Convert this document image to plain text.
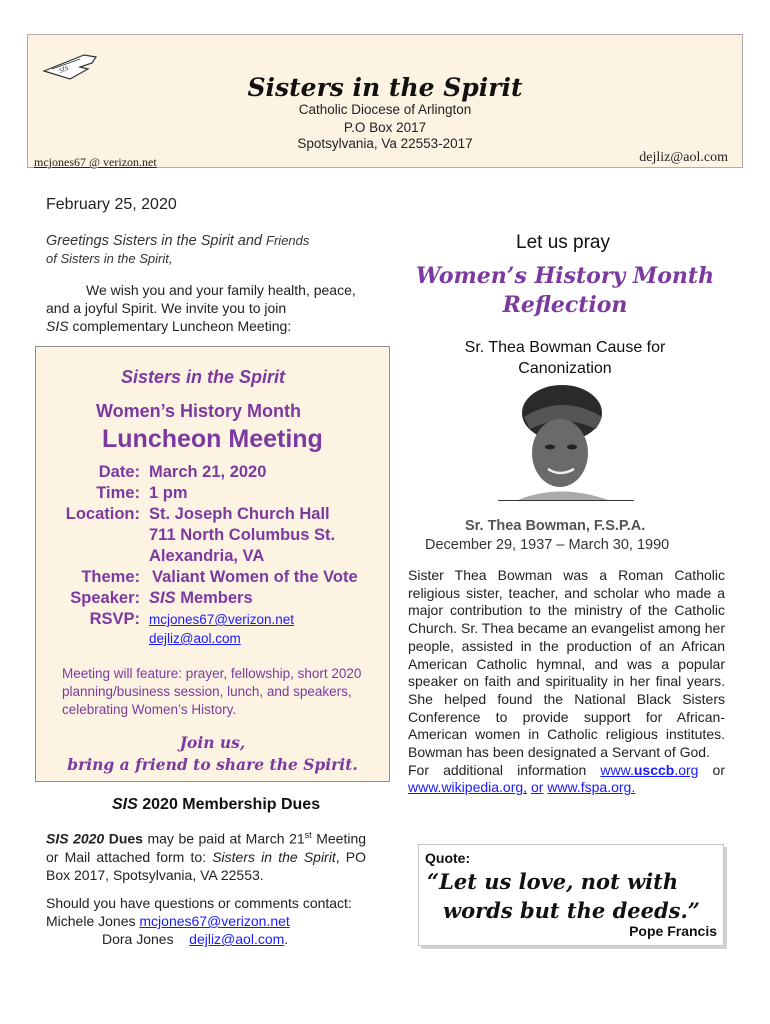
SIS
Sisters in the Spirit
Catholic Diocese of Arlington
P.O Box 2017
Spotsylvania, Va 22553-2017
mcjones67 @ verizon.net	dejliz@aol.com
February 25, 2020
Greetings Sisters in the Spirit and Friends
of Sisters in the Spirit,
We wish you and your family health, peace, and a joyful Spirit. We invite you to join
SIS complementary Luncheon Meeting:
Sisters in the Spirit
Women’s History Month
Luncheon Meeting
Date: March 21, 2020
Time: 1 pm
Location: St. Joseph Church Hall
711 North Columbus St.
Alexandria, VA
Theme: Valiant Women of the Vote
Speaker: SIS Members
RSVP: mcjones67@verizon.net
dejliz@aol.com
Meeting will feature: prayer, fellowship, short 2020 planning/business session, lunch, and speakers, celebrating Women’s History.
Join us,
bring a friend to share the Spirit.
SIS 2020 Membership Dues
SIS 2020 Dues may be paid at March 21st Meeting or Mail attached form to: Sisters in the Spirit, PO Box 2017, Spotsylvania, VA 22553.
Should you have questions or comments contact: Michele Jones mcjones67@verizon.net
Dora Jones dejliz@aol.com.
Let us pray
Women’s History Month Reflection
Sr. Thea Bowman Cause for Canonization
Sr. Thea Bowman, F.S.P.A.
December 29, 1937 – March 30, 1990
Sister Thea Bowman was a Roman Catholic religious sister, teacher, and scholar who made a major contribution to the ministry of the Catholic Church. Sr. Thea became an evangelist among her people, assisted in the production of an African American Catholic hymnal, and was a popular speaker on faith and spirituality in her final years. She helped found the National Black Sisters Conference to provide support for African-American women in Catholic religious institutes. Bowman has been designated a Servant of God.
For additional information www.usccb.org or www.wikipedia.org, or www.fspa.org.
Quote:
“Let us love, not with
words but the deeds.”
Pope Francis
